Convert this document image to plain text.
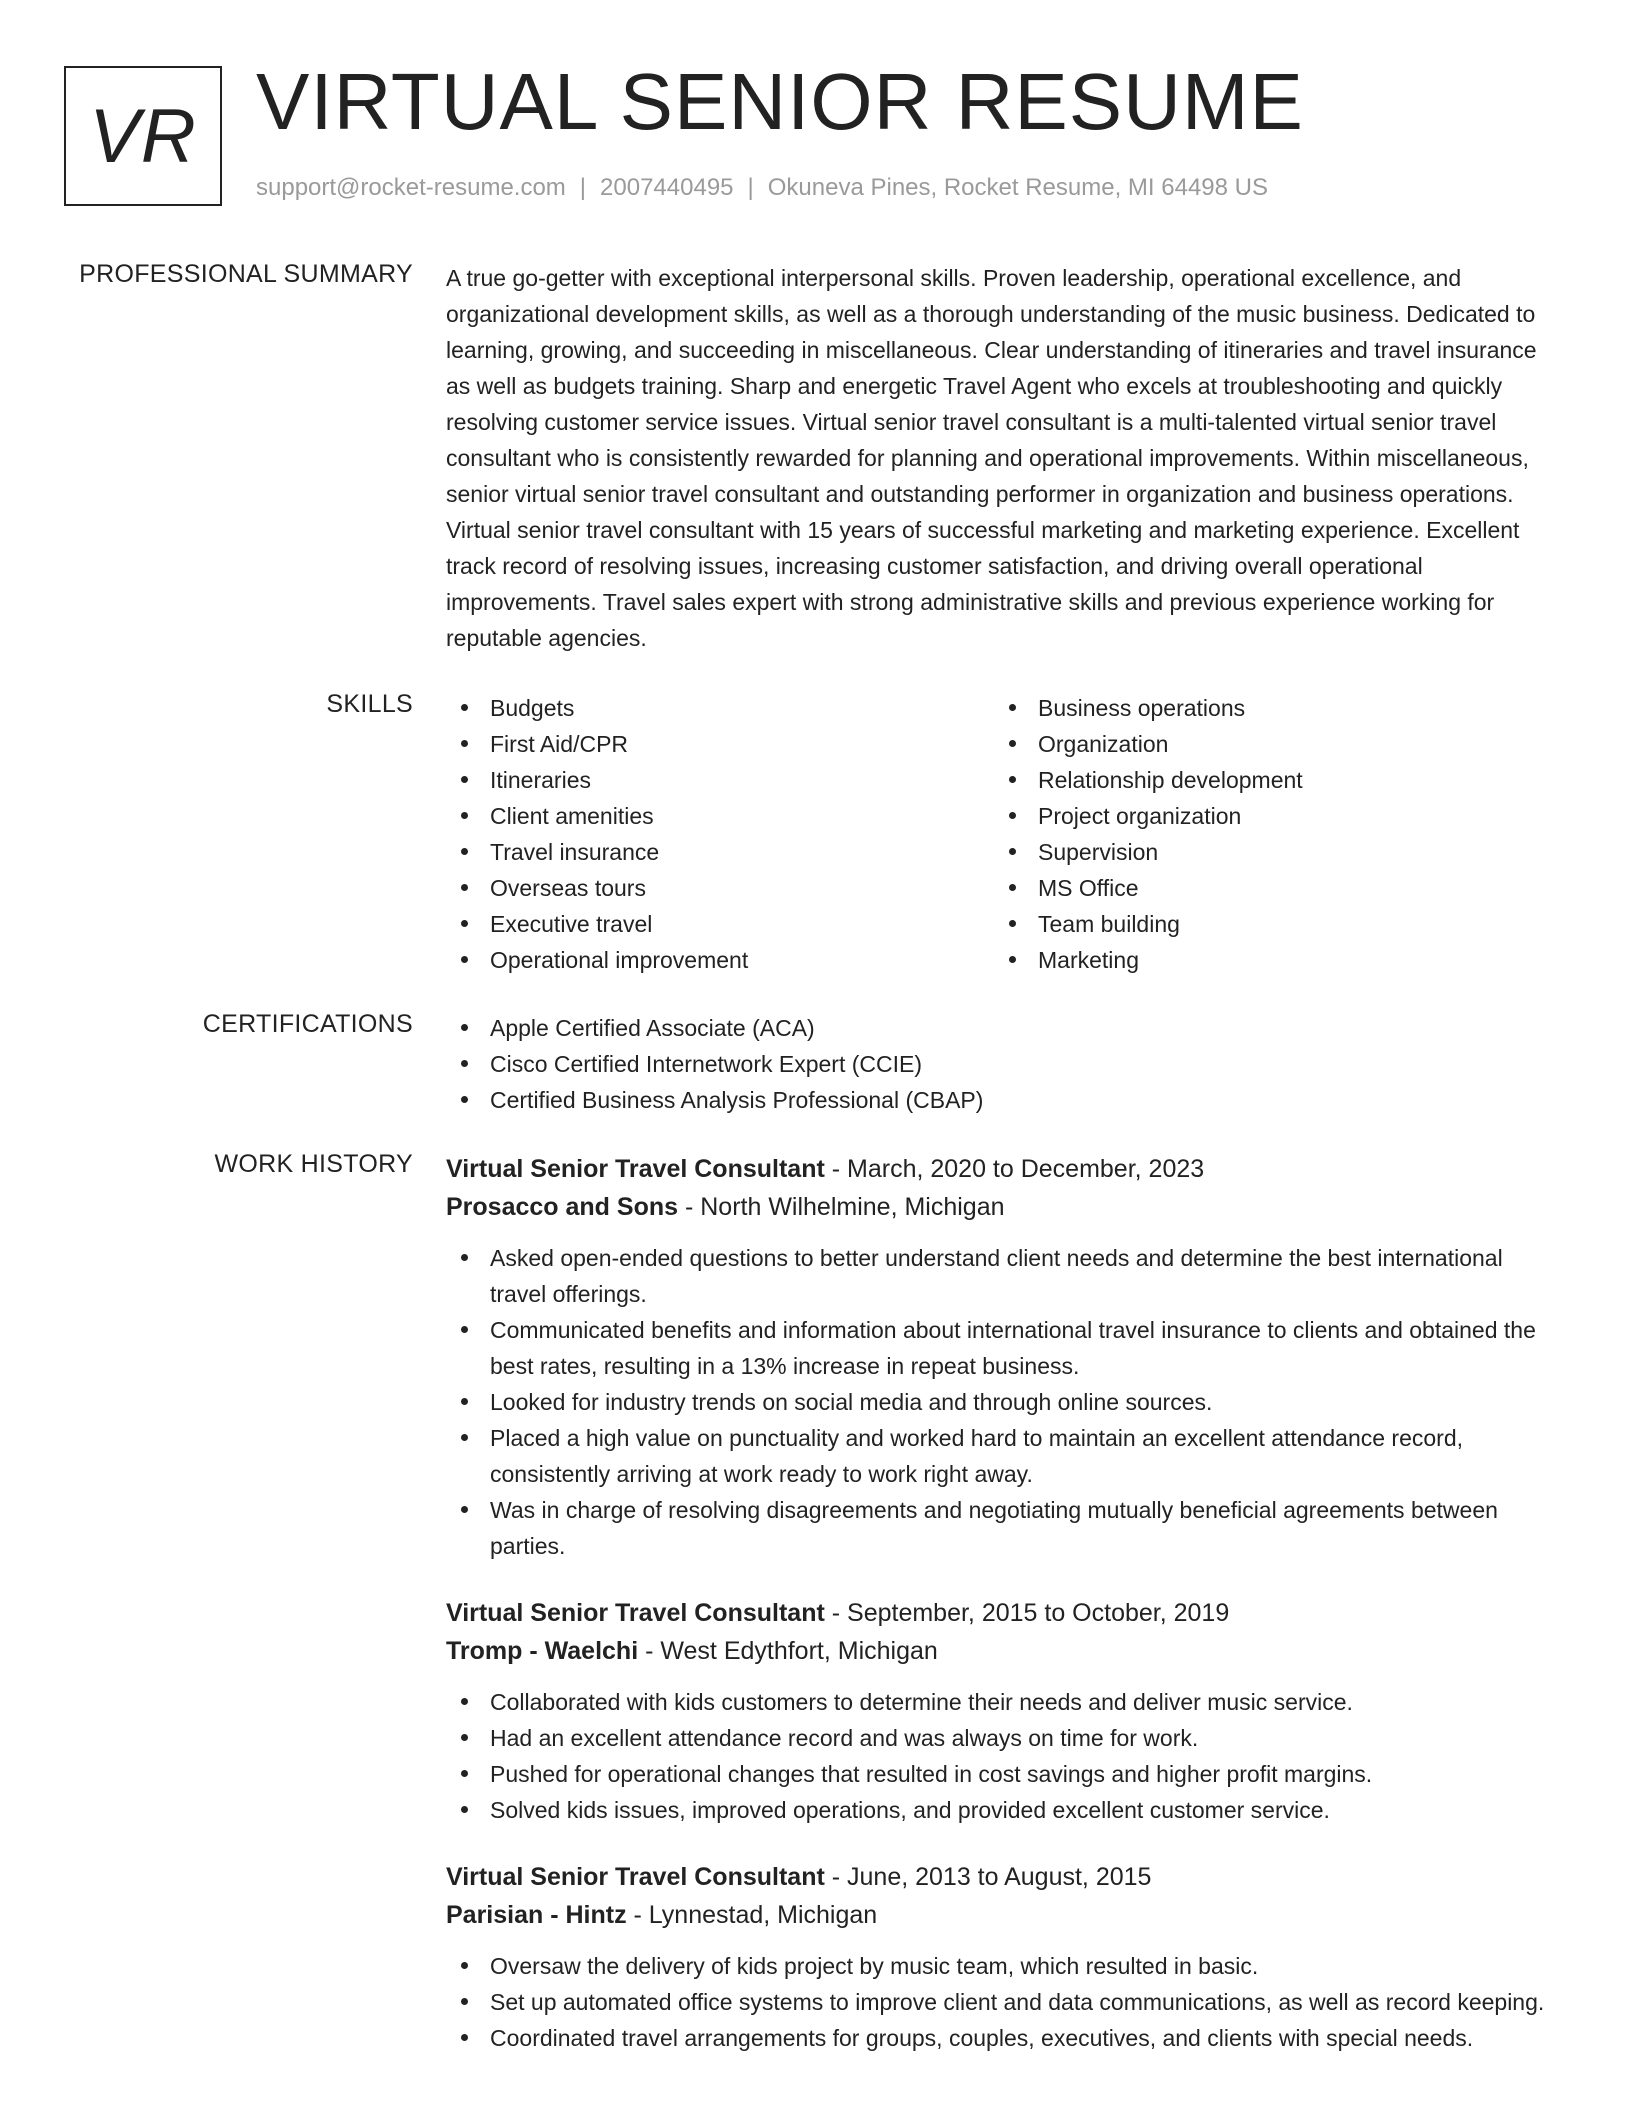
VR VIRTUAL SENIOR RESUME
support@rocket-resume.com | 2007440495 | Okuneva Pines, Rocket Resume, MI 64498 US
PROFESSIONAL SUMMARY A true go-getter with exceptional interpersonal skills. Proven leadership, operational excellence, and organizational development skills, as well as a thorough understanding of the music business. Dedicated to learning, growing, and succeeding in miscellaneous. Clear understanding of itineraries and travel insurance as well as budgets training. Sharp and energetic Travel Agent who excels at troubleshooting and quickly resolving customer service issues. Virtual senior travel consultant is a multi-talented virtual senior travel consultant who is consistently rewarded for planning and operational improvements. Within miscellaneous, senior virtual senior travel consultant and outstanding performer in organization and business operations. Virtual senior travel consultant with 15 years of successful marketing and marketing experience. Excellent track record of resolving issues, increasing customer satisfaction, and driving overall operational improvements. Travel sales expert with strong administrative skills and previous experience working for reputable agencies.

SKILLS	Budgets
First Aid/CPR
Itineraries
Client amenities
Travel insurance
Overseas tours
Executive travel
Operational improvement
Business operations
Organization
Relationship development
Project organization
Supervision
MS Office
Team building
Marketing
CERTIFICATIONS	Apple Certified Associate (ACA)
Cisco Certified Internetwork Expert (CCIE)
Certified Business Analysis Professional (CBAP)
WORK HISTORY Virtual Senior Travel Consultant - March, 2020 to December, 2023
Prosacco and Sons - North Wilhelmine, Michigan
Asked open-ended questions to better understand client needs and determine the best international travel offerings.
Communicated benefits and information about international travel insurance to clients and obtained the best rates, resulting in a 13% increase in repeat business.
Looked for industry trends on social media and through online sources.
Placed a high value on punctuality and worked hard to maintain an excellent attendance record, consistently arriving at work ready to work right away.
Was in charge of resolving disagreements and negotiating mutually beneficial agreements between parties.
Virtual Senior Travel Consultant - September, 2015 to October, 2019
Tromp - Waelchi - West Edythfort, Michigan
Collaborated with kids customers to determine their needs and deliver music service.
Had an excellent attendance record and was always on time for work.
Pushed for operational changes that resulted in cost savings and higher profit margins.
Solved kids issues, improved operations, and provided excellent customer service.
Virtual Senior Travel Consultant - June, 2013 to August, 2015
Parisian - Hintz - Lynnestad, Michigan
Oversaw the delivery of kids project by music team, which resulted in basic.
Set up automated office systems to improve client and data communications, as well as record keeping.
Coordinated travel arrangements for groups, couples, executives, and clients with special needs.
